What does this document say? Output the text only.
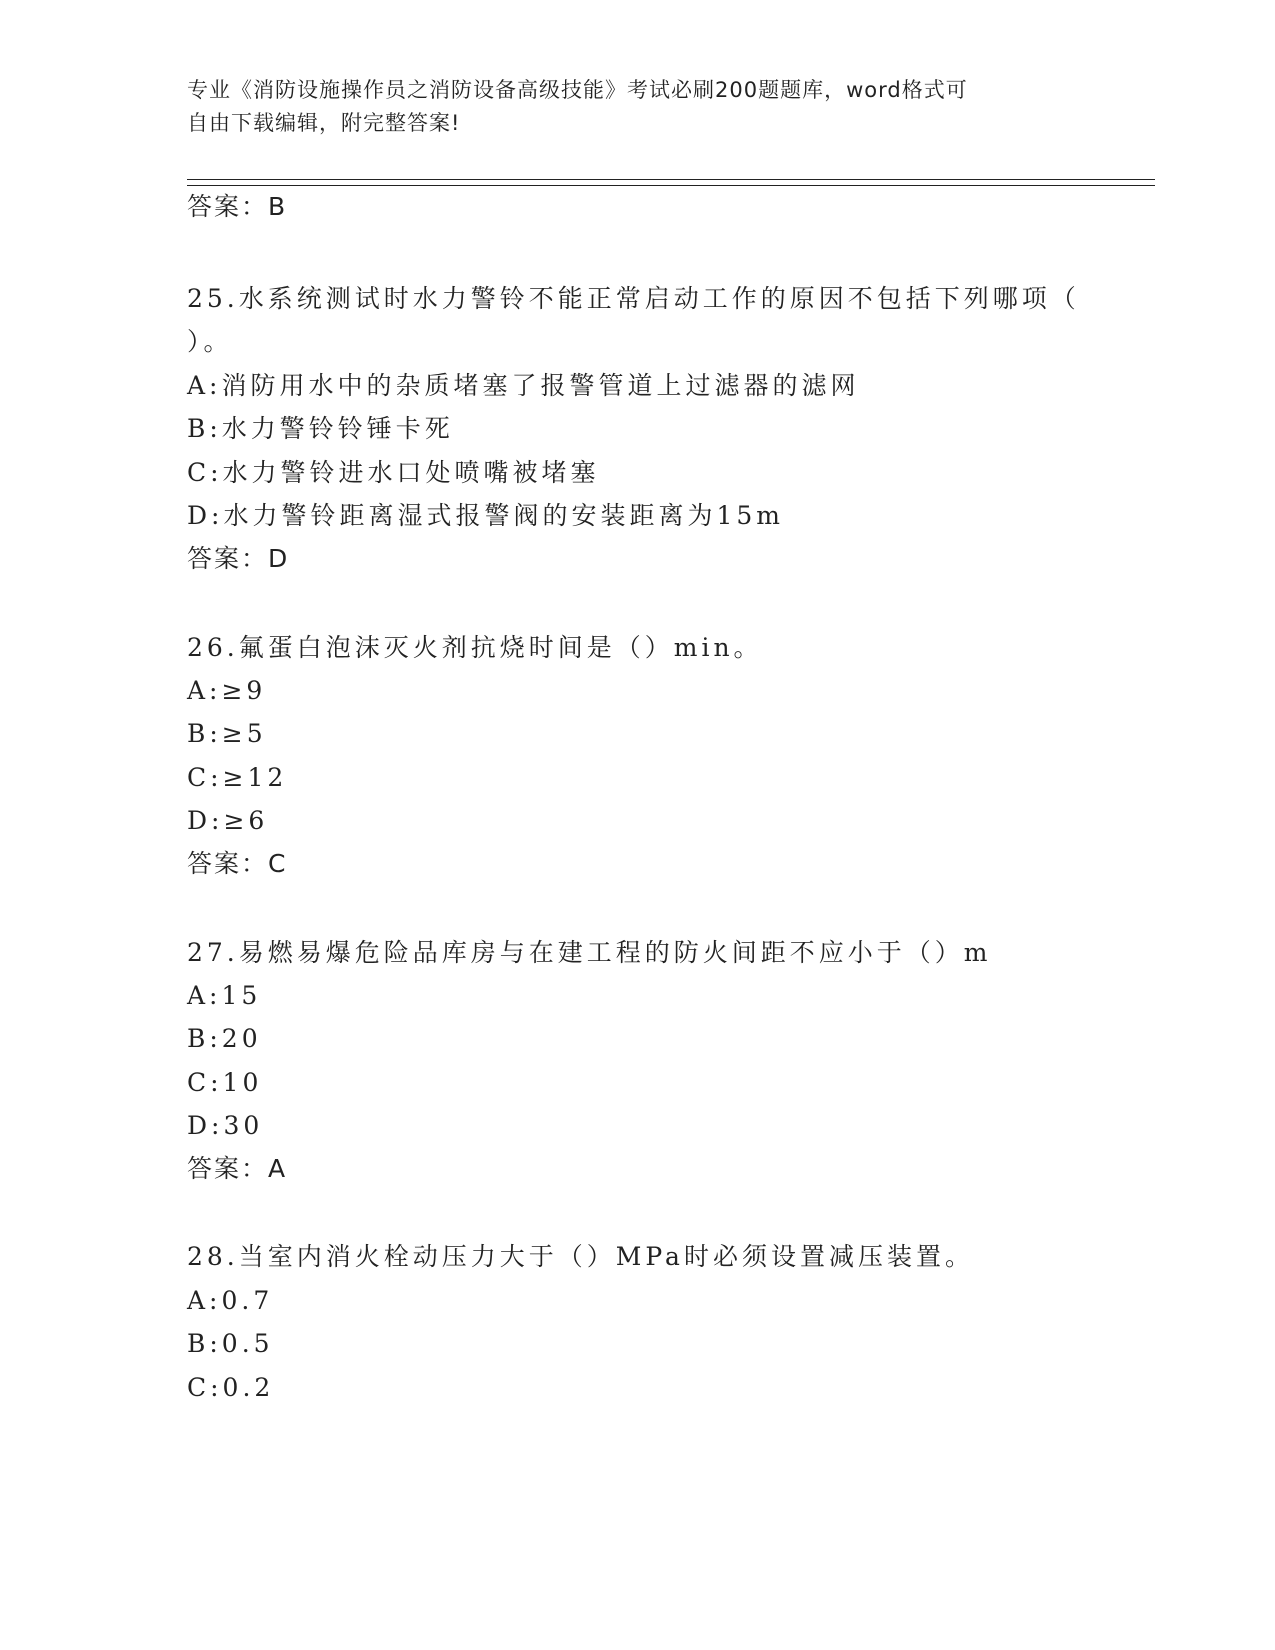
专业《消防设施操作员之消防设备高级技能》考试必刷200题题库，word格式可
自由下载编辑，附完整答案!
答案：B
25.水系统测试时水力警铃不能正常启动工作的原因不包括下列哪项（
）。
A:消防用水中的杂质堵塞了报警管道上过滤器的滤网
B:水力警铃铃锤卡死
C:水力警铃进水口处喷嘴被堵塞
D:水力警铃距离湿式报警阀的安装距离为15m
答案：D
26.氟蛋白泡沫灭火剂抗烧时间是（）min。
A:≥9
B:≥5
C:≥12
D:≥6
答案：C
27.易燃易爆危险品库房与在建工程的防火间距不应小于（）m
A:15
B:20
C:10
D:30
答案：A
28.当室内消火栓动压力大于（）MPa时必须设置减压装置。
A:0.7
B:0.5
C:0.2
